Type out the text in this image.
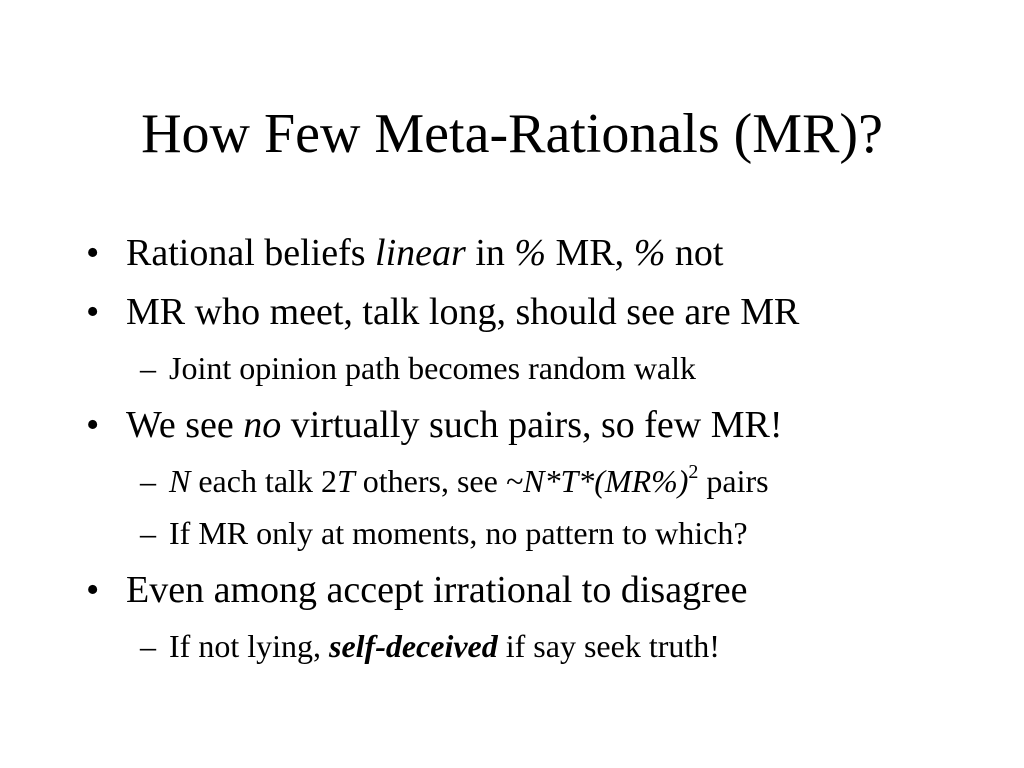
How Few Meta-Rationals (MR)?
• Rational beliefs linear in % MR, % not
• MR who meet, talk long, should see are MR
– Joint opinion path becomes random walk
• We see no virtually such pairs, so few MR!
– N each talk 2T others, see $\sim N*T*(MR\%)^2$ pairs
– If MR only at moments, no pattern to which?
• Even among accept irrational to disagree
– If not lying, self-deceived if say seek truth!
